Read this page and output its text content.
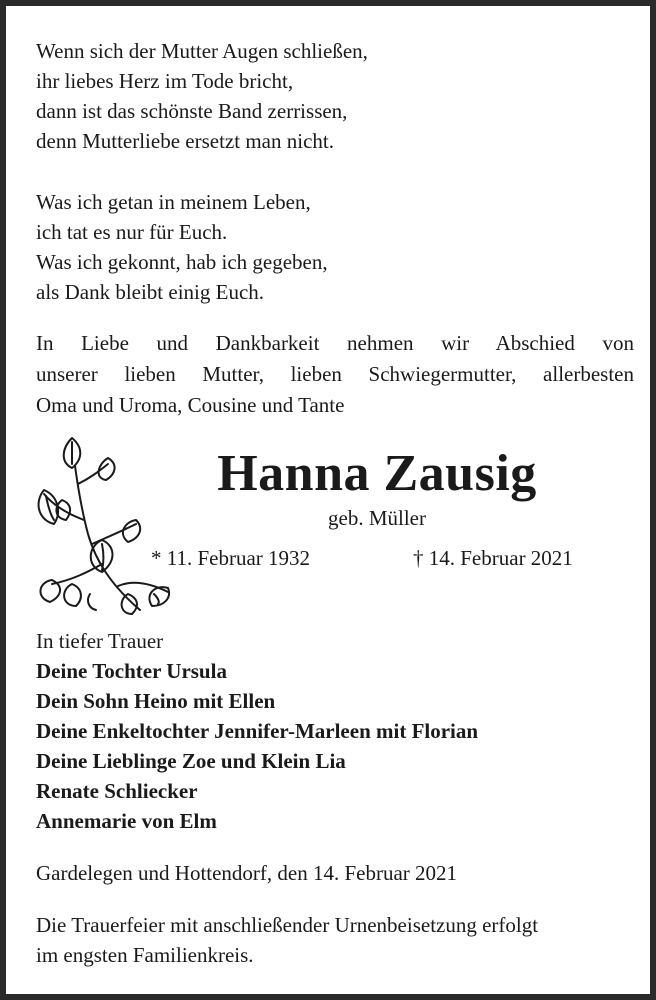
Wenn sich der Mutter Augen schließen,
ihr liebes Herz im Tode bricht,
dann ist das schönste Band zerrissen,
denn Mutterliebe ersetzt man nicht.
Was ich getan in meinem Leben,
ich tat es nur für Euch.
Was ich gekonnt, hab ich gegeben,
als Dank bleibt einig Euch.
In Liebe und Dankbarkeit nehmen wir Abschied von
unserer lieben Mutter, lieben Schwiegermutter, allerbesten
Oma und Uroma, Cousine und Tante
Hanna Zausig
geb. Müller
* 11. Februar 1932	† 14. Februar 2021
In tiefer Trauer
Deine Tochter Ursula
Dein Sohn Heino mit Ellen
Deine Enkeltochter Jennifer-Marleen mit Florian
Deine Lieblinge Zoe und Klein Lia
Renate Schliecker
Annemarie von Elm
Gardelegen und Hottendorf, den 14. Februar 2021
Die Trauerfeier mit anschließender Urnenbeisetzung erfolgt
im engsten Familienkreis.
